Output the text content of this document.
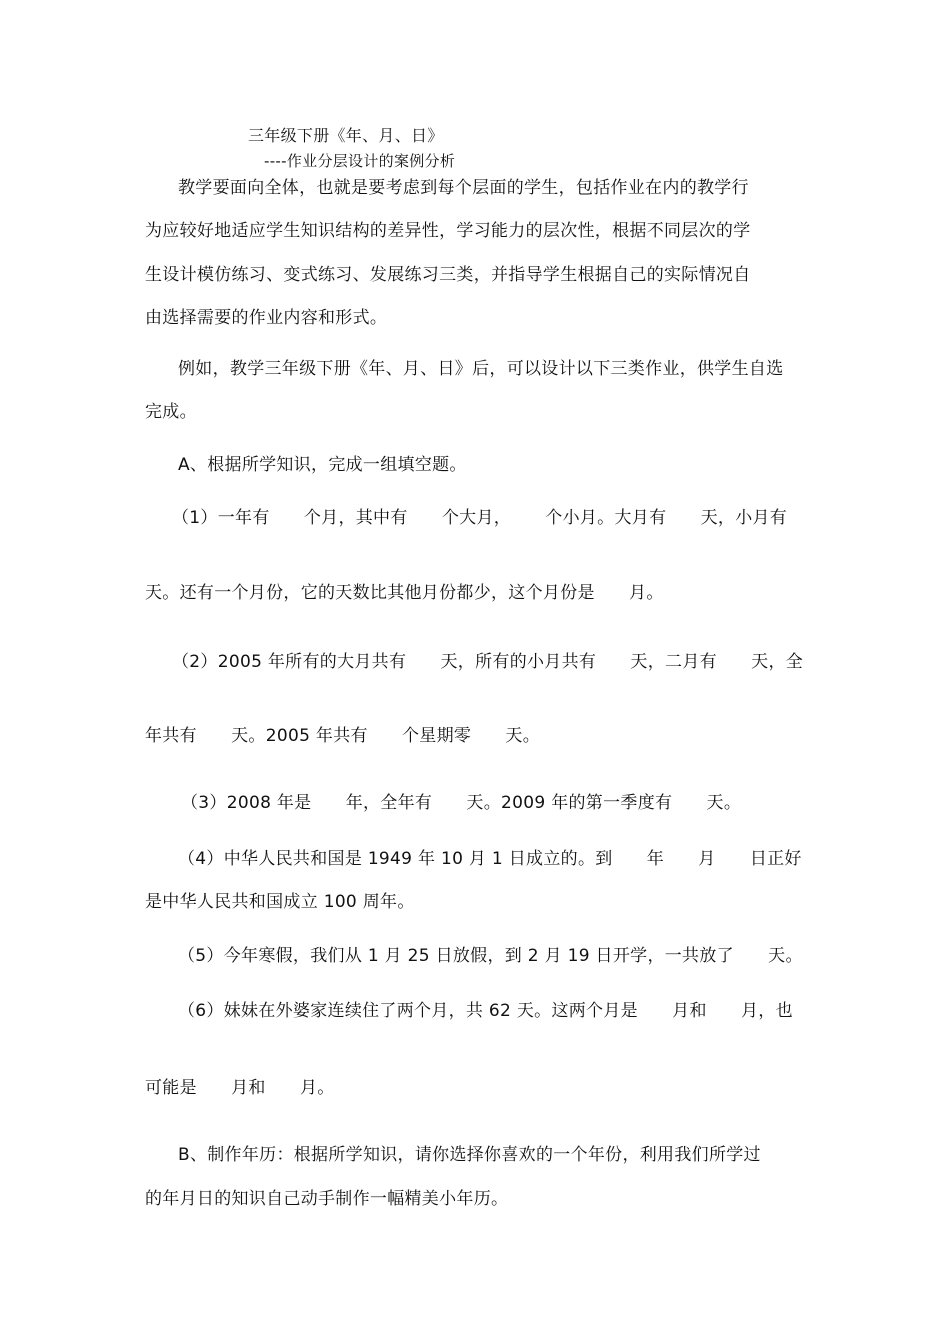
三年级下册《年、月、日》
----作业分层设计的案例分析
教学要面向全体，也就是要考虑到每个层面的学生，包括作业在内的教学行
为应较好地适应学生知识结构的差异性，学习能力的层次性，根据不同层次的学
生设计模仿练习、变式练习、发展练习三类，并指导学生根据自己的实际情况自
由选择需要的作业内容和形式。
例如，教学三年级下册《年、月、日》后，可以设计以下三类作业，供学生自选
完成。
A、根据所学知识，完成一组填空题。
（1）一年有      个月，其中有      个大月，      个小月。大月有      天，小月有
天。还有一个月份，它的天数比其他月份都少，这个月份是      月。
（2）2005 年所有的大月共有      天，所有的小月共有      天，二月有      天，全
年共有      天。2005 年共有      个星期零      天。
（3）2008 年是      年，全年有      天。2009 年的第一季度有      天。
（4）中华人民共和国是 1949 年 10 月 1 日成立的。到      年      月      日正好
是中华人民共和国成立 100 周年。
（5）今年寒假，我们从 1 月 25 日放假，到 2 月 19 日开学，一共放了      天。
（6）妹妹在外婆家连续住了两个月，共 62 天。这两个月是      月和      月，也
可能是      月和      月。
B、制作年历：根据所学知识，请你选择你喜欢的一个年份，利用我们所学过
的年月日的知识自己动手制作一幅精美小年历。
